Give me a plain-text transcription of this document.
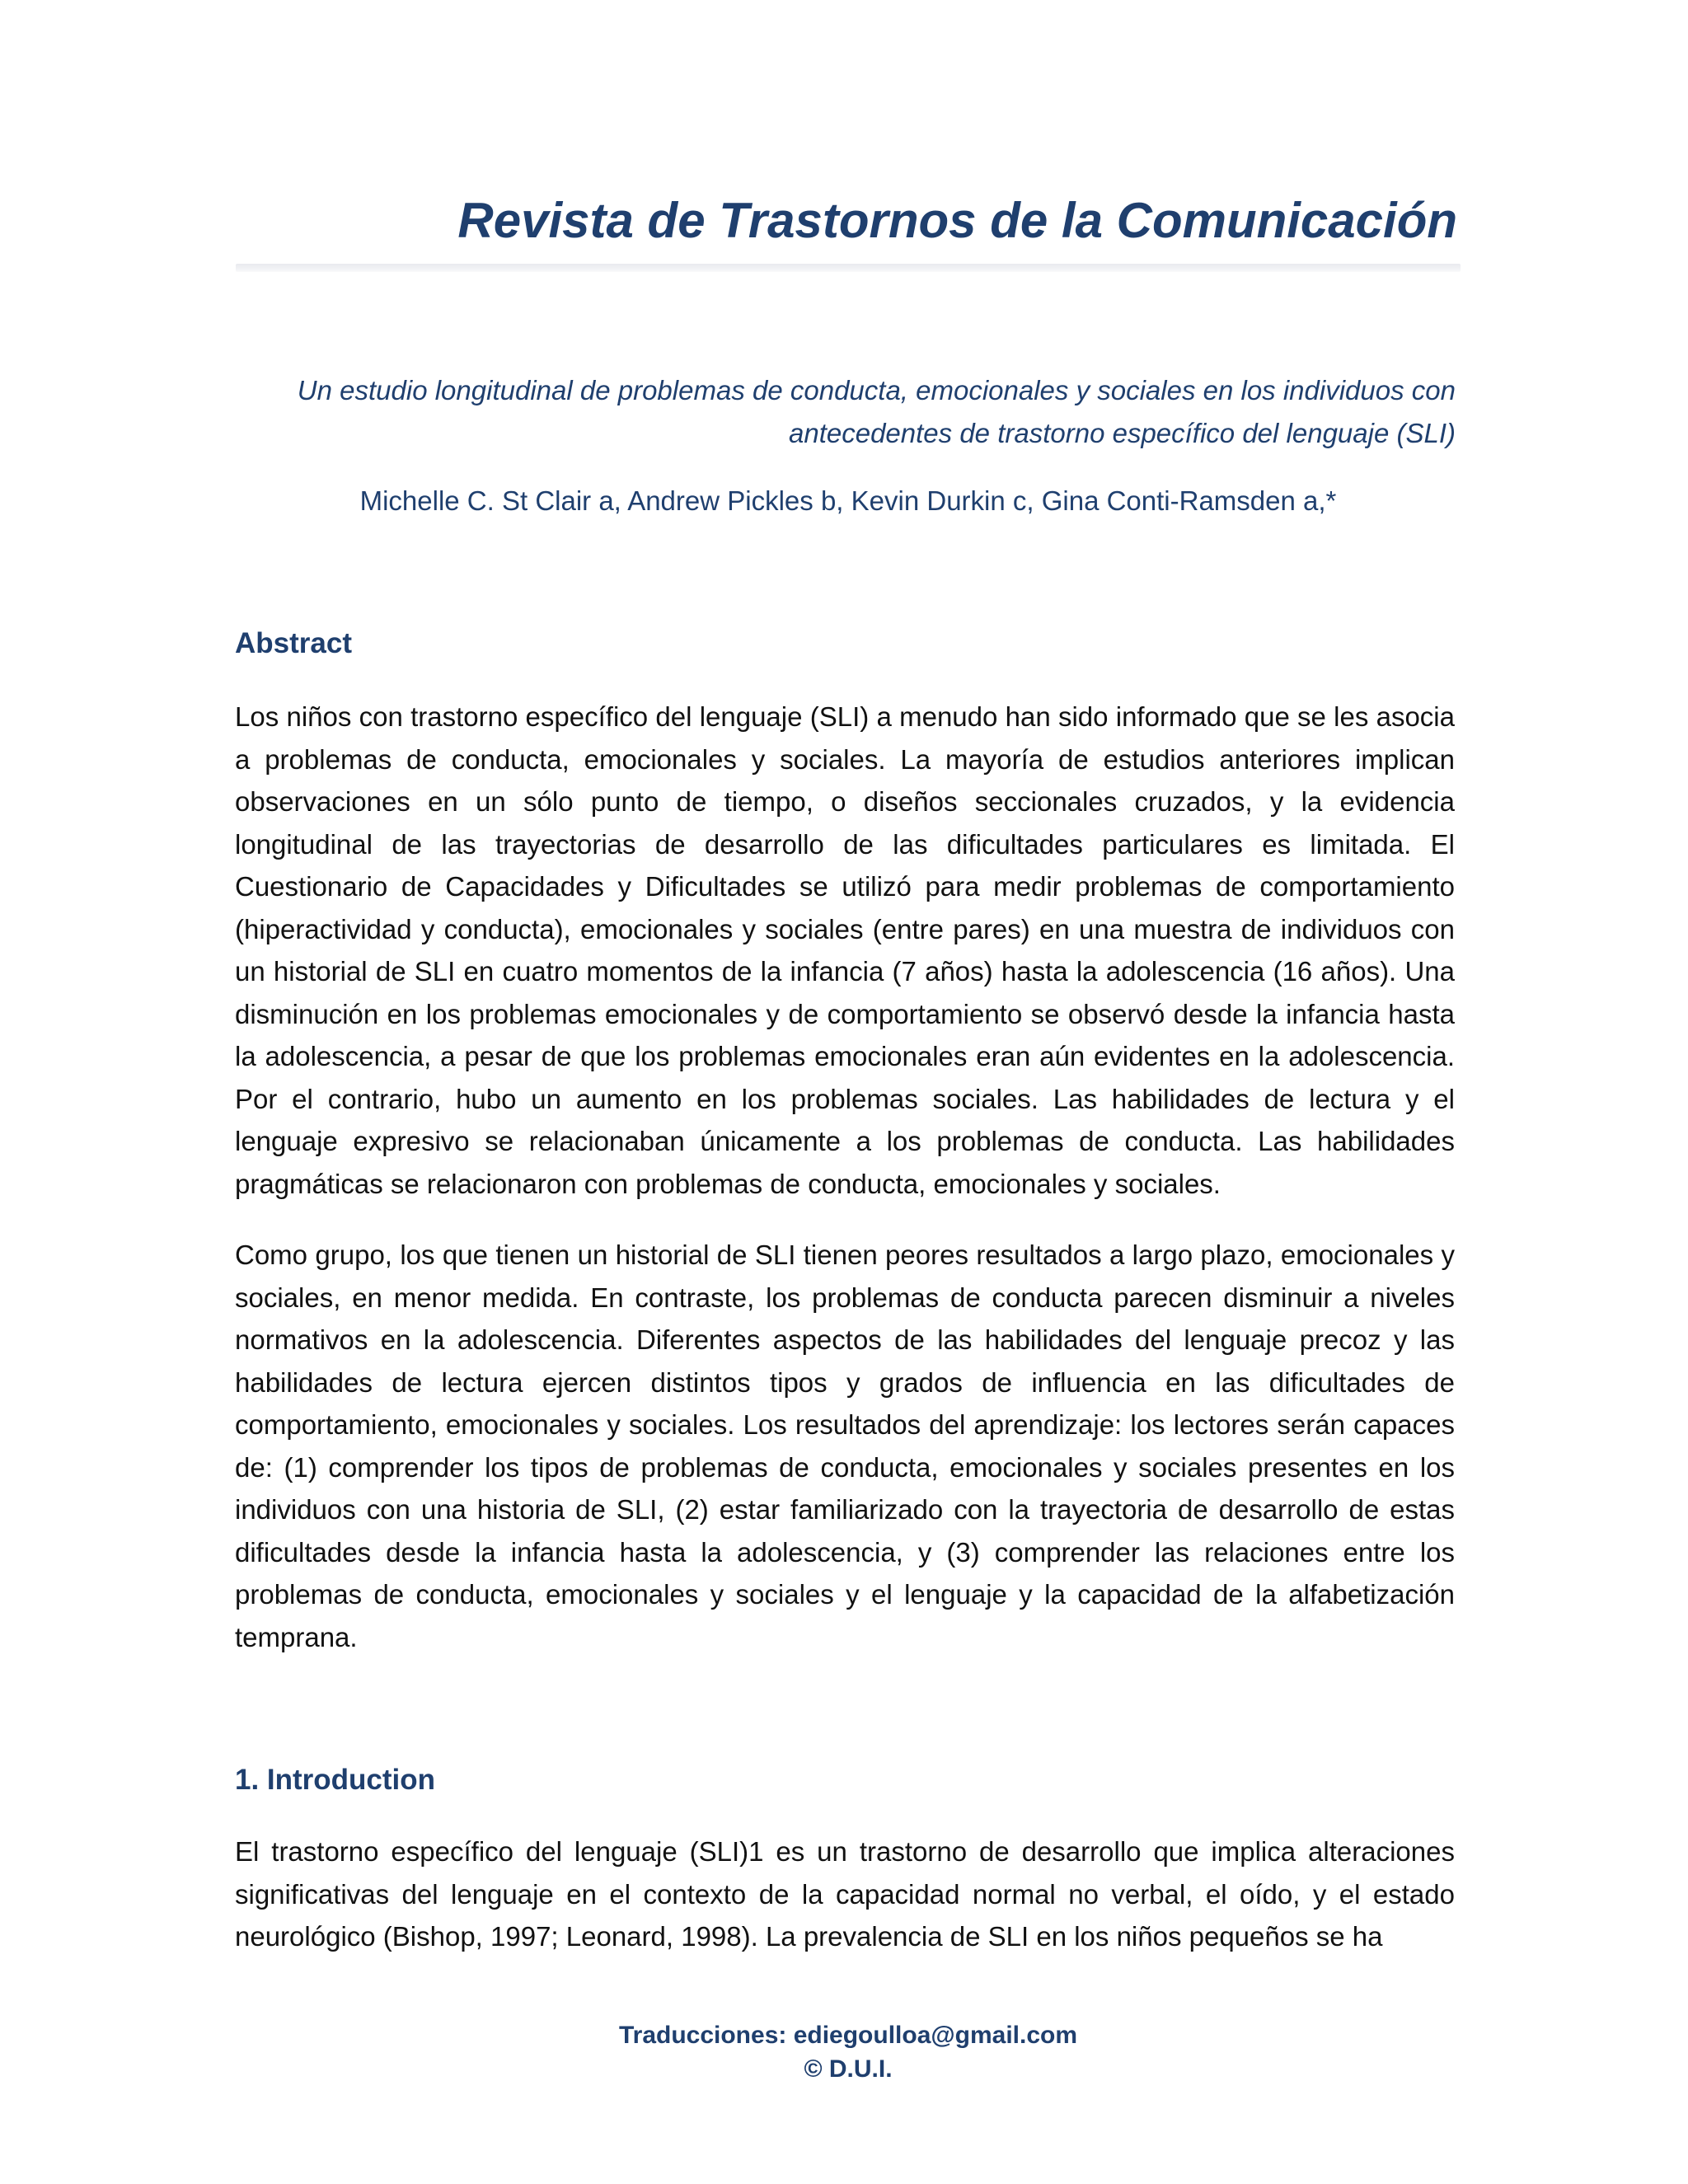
Revista de Trastornos de la Comunicación
Un estudio longitudinal de problemas de conducta, emocionales y sociales en los individuos con antecedentes de trastorno específico del lenguaje (SLI)
Michelle C. St Clair a, Andrew Pickles b, Kevin Durkin c, Gina Conti-Ramsden a,*
Abstract
Los niños con trastorno específico del lenguaje (SLI) a menudo han sido informado que se les asocia a problemas de conducta, emocionales y sociales. La mayoría de estudios anteriores implican observaciones en un sólo punto de tiempo, o diseños seccionales cruzados, y la evidencia longitudinal de las trayectorias de desarrollo de las dificultades particulares es limitada. El Cuestionario de Capacidades y Dificultades se utilizó para medir problemas de comportamiento (hiperactividad y conducta), emocionales y sociales (entre pares) en una muestra de individuos con un historial de SLI en cuatro momentos de la infancia (7 años) hasta la adolescencia (16 años). Una disminución en los problemas emocionales y de comportamiento se observó desde la infancia hasta la adolescencia, a pesar de que los problemas emocionales eran aún evidentes en la adolescencia. Por el contrario, hubo un aumento en los problemas sociales. Las habilidades de lectura y el lenguaje expresivo se relacionaban únicamente a los problemas de conducta. Las habilidades pragmáticas se relacionaron con problemas de conducta, emocionales y sociales.
Como grupo, los que tienen un historial de SLI tienen peores resultados a largo plazo, emocionales y sociales, en menor medida. En contraste, los problemas de conducta parecen disminuir a niveles normativos en la adolescencia. Diferentes aspectos de las habilidades del lenguaje precoz y las habilidades de lectura ejercen distintos tipos y grados de influencia en las dificultades de comportamiento, emocionales y sociales. Los resultados del aprendizaje: los lectores serán capaces de: (1) comprender los tipos de problemas de conducta, emocionales y sociales presentes en los individuos con una historia de SLI, (2) estar familiarizado con la trayectoria de desarrollo de estas dificultades desde la infancia hasta la adolescencia, y (3) comprender las relaciones entre los problemas de conducta, emocionales y sociales y el lenguaje y la capacidad de la alfabetización temprana.
1. Introduction
El trastorno específico del lenguaje (SLI)1 es un trastorno de desarrollo que implica alteraciones significativas del lenguaje en el contexto de la capacidad normal no verbal, el oído, y el estado neurológico (Bishop, 1997; Leonard, 1998). La prevalencia de SLI en los niños pequeños se ha
Traducciones: ediegoulloa@gmail.com
© D.U.I.
